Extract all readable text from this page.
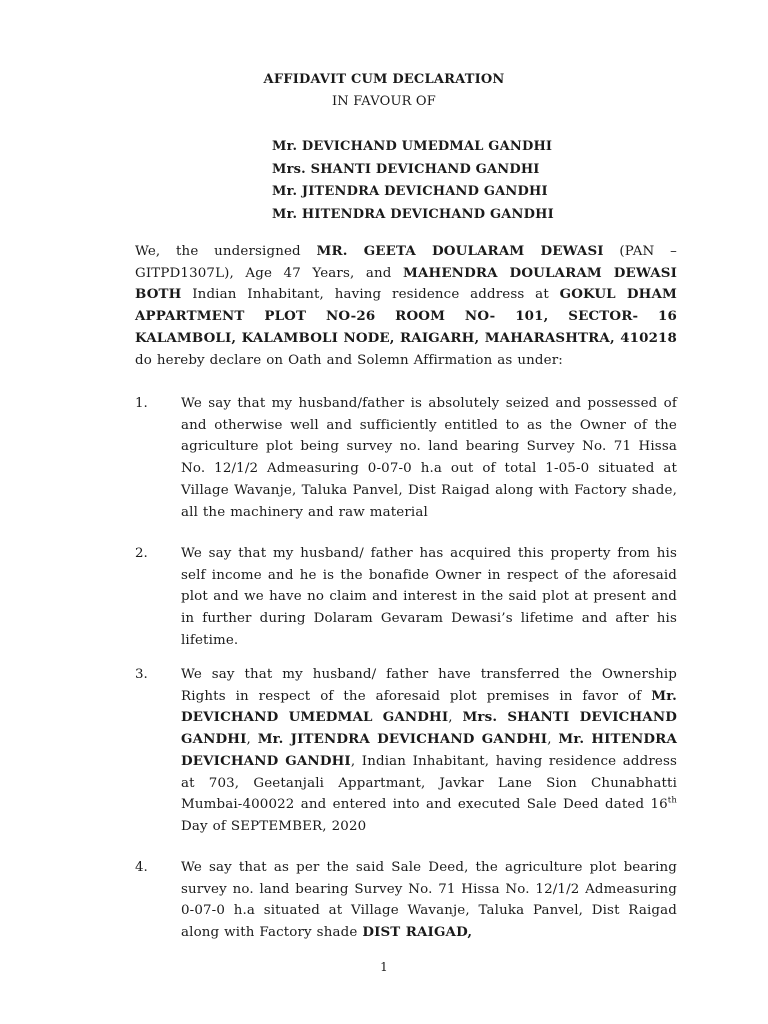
AFFIDAVIT CUM DECLARATION
IN FAVOUR OF
Mr. DEVICHAND UMEDMAL GANDHI
Mrs. SHANTI DEVICHAND GANDHI
Mr. JITENDRA DEVICHAND GANDHI
Mr. HITENDRA DEVICHAND GANDHI
We, the undersigned MR. GEETA DOULARAM DEWASI (PAN – GITPD1307L), Age 47 Years, and MAHENDRA DOULARAM DEWASI BOTH Indian Inhabitant, having residence address at GOKUL DHAM APPARTMENT PLOT NO-26 ROOM NO- 101, SECTOR- 16 KALAMBOLI, KALAMBOLI NODE, RAIGARH, MAHARASHTRA, 410218 do hereby declare on Oath and Solemn Affirmation as under:
1. We say that my husband/father is absolutely seized and possessed of and otherwise well and sufficiently entitled to as the Owner of the agriculture plot being survey no. land bearing Survey No. 71 Hissa No. 12/1/2 Admeasuring 0-07-0 h.a out of total 1-05-0 situated at Village Wavanje, Taluka Panvel, Dist Raigad along with Factory shade, all the machinery and raw material
2. We say that my husband/ father has acquired this property from his self income and he is the bonafide Owner in respect of the aforesaid plot and we have no claim and interest in the said plot at present and in further during Dolaram Gevaram Dewasi’s lifetime and after his lifetime.
3. We say that my husband/ father have transferred the Ownership Rights in respect of the aforesaid plot premises in favor of Mr. DEVICHAND UMEDMAL GANDHI, Mrs. SHANTI DEVICHAND GANDHI, Mr. JITENDRA DEVICHAND GANDHI, Mr. HITENDRA DEVICHAND GANDHI, Indian Inhabitant, having residence address at 703, Geetanjali Appartmant, Javkar Lane Sion Chunabhatti Mumbai-400022 and entered into and executed Sale Deed dated 16th Day of SEPTEMBER, 2020
4. We say that as per the said Sale Deed, the agriculture plot bearing survey no. land bearing Survey No. 71 Hissa No. 12/1/2 Admeasuring 0-07-0 h.a situated at Village Wavanje, Taluka Panvel, Dist Raigad along with Factory shade DIST RAIGAD,
1
